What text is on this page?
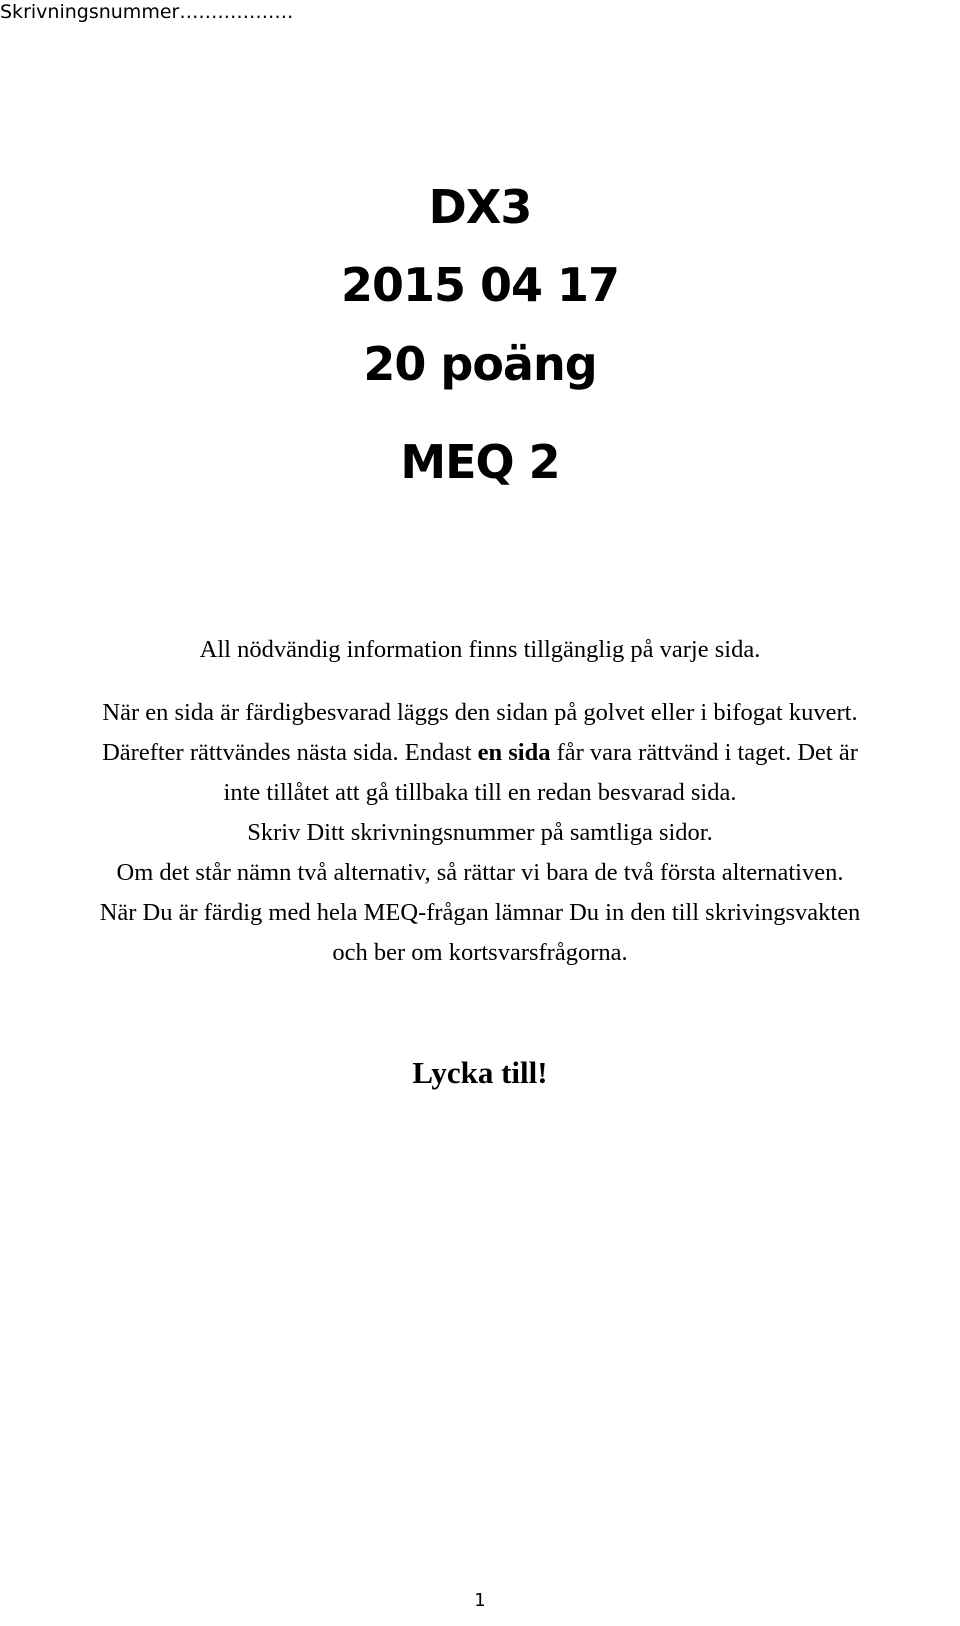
Skrivningsnummer………………
DX3
2015 04 17
20 poäng
MEQ 2
All nödvändig information finns tillgänglig på varje sida.
När en sida är färdigbesvarad läggs den sidan på golvet eller i bifogat kuvert.
Därefter rättvändes nästa sida. Endast en sida får vara rättvänd i taget. Det är
inte tillåtet att gå tillbaka till en redan besvarad sida.
Skriv Ditt skrivningsnummer på samtliga sidor.
Om det står nämn två alternativ, så rättar vi bara de två första alternativen.
När Du är färdig med hela MEQ-frågan lämnar Du in den till skrivingsvakten
och ber om kortsvarsfrågorna.
Lycka till!
1
